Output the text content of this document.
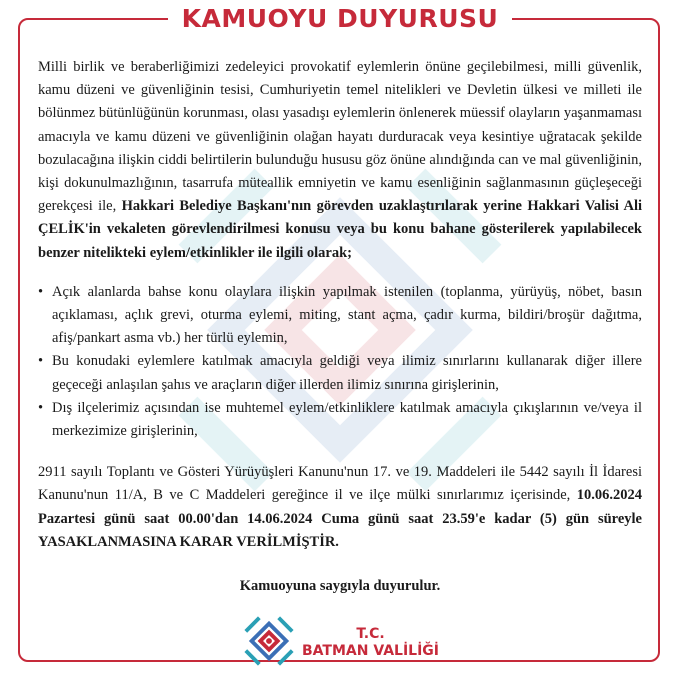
KAMUOYU DUYURUSU

Milli birlik ve beraberliğimizi zedeleyici provokatif eylemlerin önüne geçilebilmesi, milli güvenlik, kamu düzeni ve güvenliğinin tesisi, Cumhuriyetin temel nitelikleri ve Devletin ülkesi ve milleti ile bölünmez bütünlüğünün korunması, olası yasadışı eylemlerin önlenerek müessif olayların yaşanmaması amacıyla ve kamu düzeni ve güvenliğinin olağan hayatı durduracak veya kesintiye uğratacak şekilde bozulacağına ilişkin ciddi belirtilerin bulunduğu hususu göz önüne alındığında can ve mal güvenliğinin, kişi dokunulmazlığının, tasarrufa müteallik emniyetin ve kamu esenliğinin sağlanmasının güçleşeceği gerekçesi ile, Hakkari Belediye Başkanı'nın görevden uzaklaştırılarak yerine Hakkari Valisi Ali ÇELİK'in vekaleten görevlendirilmesi konusu veya bu konu bahane gösterilerek yapılabilecek benzer nitelikteki eylem/etkinlikler ile ilgili olarak;

• Açık alanlarda bahse konu olaylara ilişkin yapılmak istenilen (toplanma, yürüyüş, nöbet, basın açıklaması, açlık grevi, oturma eylemi, miting, stant açma, çadır kurma, bildiri/broşür dağıtma, afiş/pankart asma vb.) her türlü eylemin,
• Bu konudaki eylemlere katılmak amacıyla geldiği veya ilimiz sınırlarını kullanarak diğer illere geçeceği anlaşılan şahıs ve araçların diğer illerden ilimiz sınırına girişlerinin,
• Dış ilçelerimiz açısından ise muhtemel eylem/etkinliklere katılmak amacıyla çıkışlarının ve/veya il merkezimize girişlerinin,

2911 sayılı Toplantı ve Gösteri Yürüyüşleri Kanunu'nun 17. ve 19. Maddeleri ile 5442 sayılı İl İdaresi Kanunu'nun 11/A, B ve C Maddeleri gereğince il ve ilçe mülki sınırlarımız içerisinde, 10.06.2024 Pazartesi günü saat 00.00'dan 14.06.2024 Cuma günü saat 23.59'e kadar (5) gün süreyle YASAKLANMASINA KARAR VERİLMİŞTİR.

Kamuoyuna saygıyla duyurulur.
T.C.
BATMAN VALİLİĞİ
